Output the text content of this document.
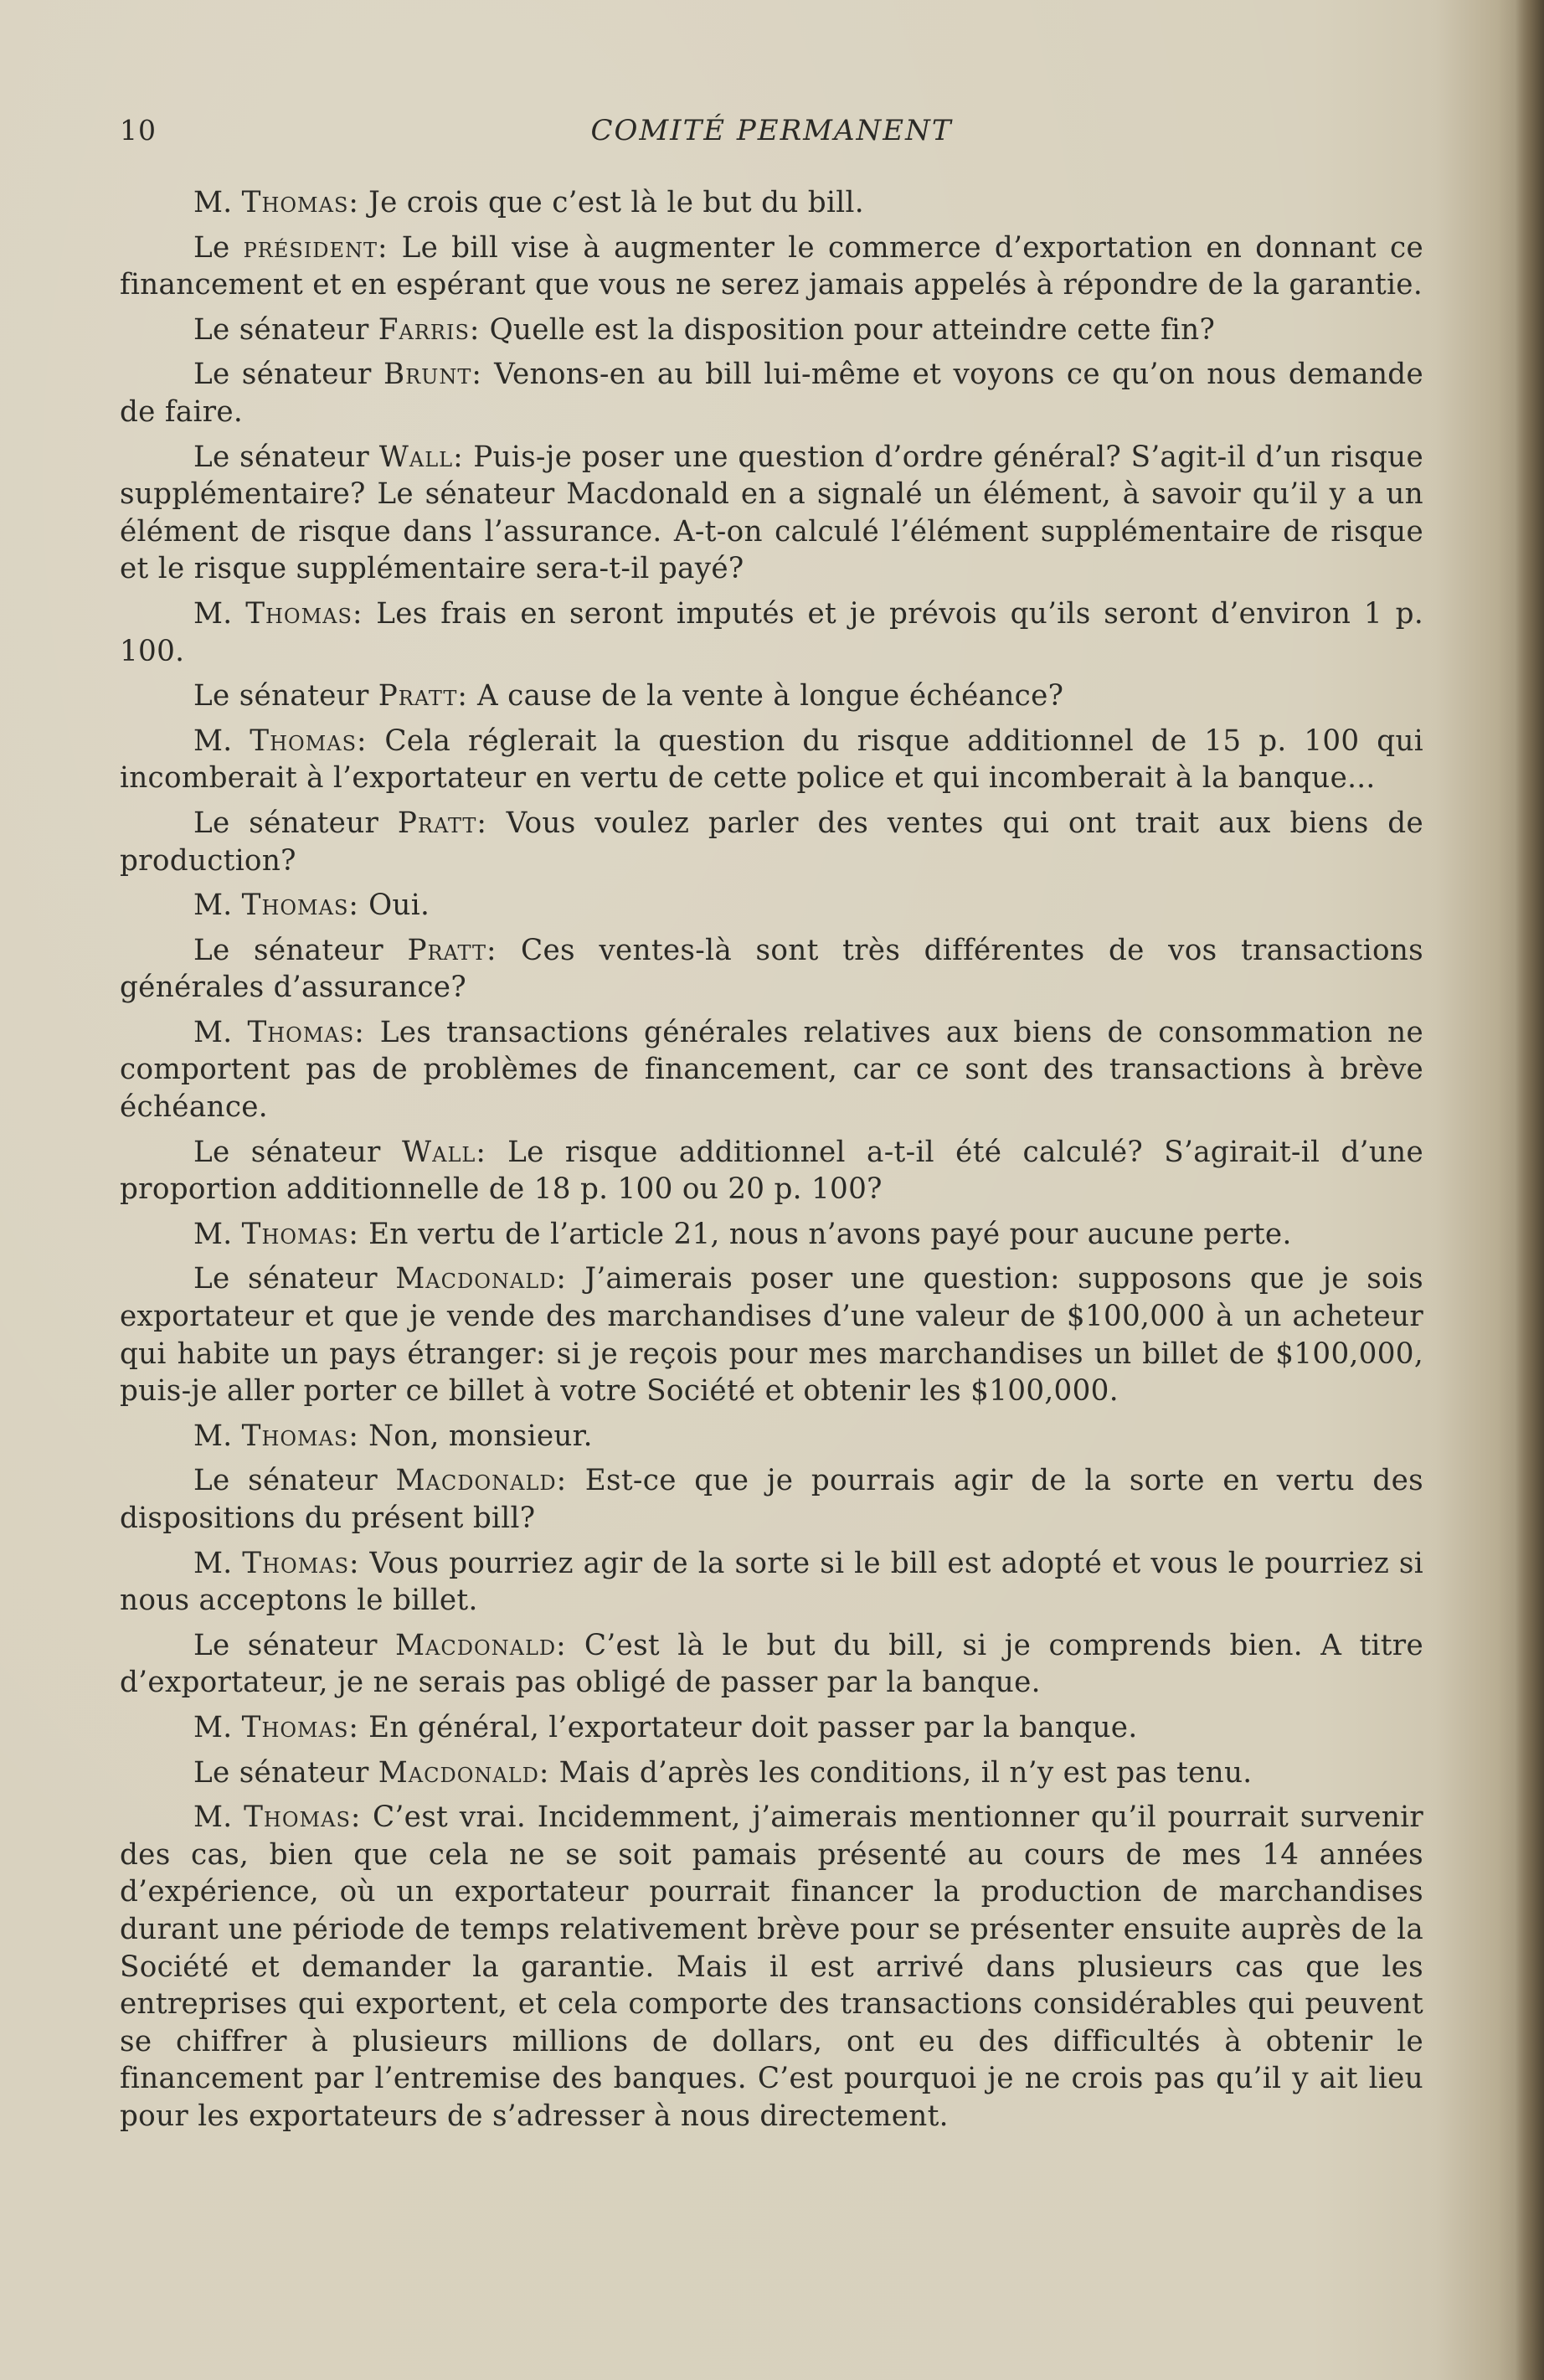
10	COMITÉ PERMANENT

M. Thomas: Je crois que c’est là le but du bill.

Le président: Le bill vise à augmenter le commerce d’exportation en donnant ce financement et en espérant que vous ne serez jamais appelés à répondre de la garantie.

Le sénateur Farris: Quelle est la disposition pour atteindre cette fin?

Le sénateur Brunt: Venons-en au bill lui-même et voyons ce qu’on nous demande de faire.

Le sénateur Wall: Puis-je poser une question d’ordre général? S’agit-il d’un risque supplémentaire? Le sénateur Macdonald en a signalé un élément, à savoir qu’il y a un élément de risque dans l’assurance. A-t-on calculé l’élément supplémentaire de risque et le risque supplémentaire sera-t-il payé?

M. Thomas: Les frais en seront imputés et je prévois qu’ils seront d’environ 1 p. 100.

Le sénateur Pratt: A cause de la vente à longue échéance?

M. Thomas: Cela réglerait la question du risque additionnel de 15 p. 100 qui incomberait à l’exportateur en vertu de cette police et qui incomberait à la banque...

Le sénateur Pratt: Vous voulez parler des ventes qui ont trait aux biens de production?

M. Thomas: Oui.

Le sénateur Pratt: Ces ventes-là sont très différentes de vos transactions générales d’assurance?

M. Thomas: Les transactions générales relatives aux biens de consommation ne comportent pas de problèmes de financement, car ce sont des transactions à brève échéance.

Le sénateur Wall: Le risque additionnel a-t-il été calculé? S’agirait-il d’une proportion additionnelle de 18 p. 100 ou 20 p. 100?

M. Thomas: En vertu de l’article 21, nous n’avons payé pour aucune perte.

Le sénateur Macdonald: J’aimerais poser une question: supposons que je sois exportateur et que je vende des marchandises d’une valeur de $100,000 à un acheteur qui habite un pays étranger: si je reçois pour mes marchandises un billet de $100,000, puis-je aller porter ce billet à votre Société et obtenir les $100,000.

M. Thomas: Non, monsieur.

Le sénateur Macdonald: Est-ce que je pourrais agir de la sorte en vertu des dispositions du présent bill?

M. Thomas: Vous pourriez agir de la sorte si le bill est adopté et vous le pourriez si nous acceptons le billet.

Le sénateur Macdonald: C’est là le but du bill, si je comprends bien. A titre d’exportateur, je ne serais pas obligé de passer par la banque.

M. Thomas: En général, l’exportateur doit passer par la banque.

Le sénateur Macdonald: Mais d’après les conditions, il n’y est pas tenu.

M. Thomas: C’est vrai. Incidemment, j’aimerais mentionner qu’il pourrait survenir des cas, bien que cela ne se soit pamais présenté au cours de mes 14 années d’expérience, où un exportateur pourrait financer la production de marchandises durant une période de temps relativement brève pour se présenter ensuite auprès de la Société et demander la garantie. Mais il est arrivé dans plusieurs cas que les entreprises qui exportent, et cela comporte des transactions considérables qui peuvent se chiffrer à plusieurs millions de dollars, ont eu des difficultés à obtenir le financement par l’entremise des banques. C’est pourquoi je ne crois pas qu’il y ait lieu pour les exportateurs de s’adresser à nous directement.
